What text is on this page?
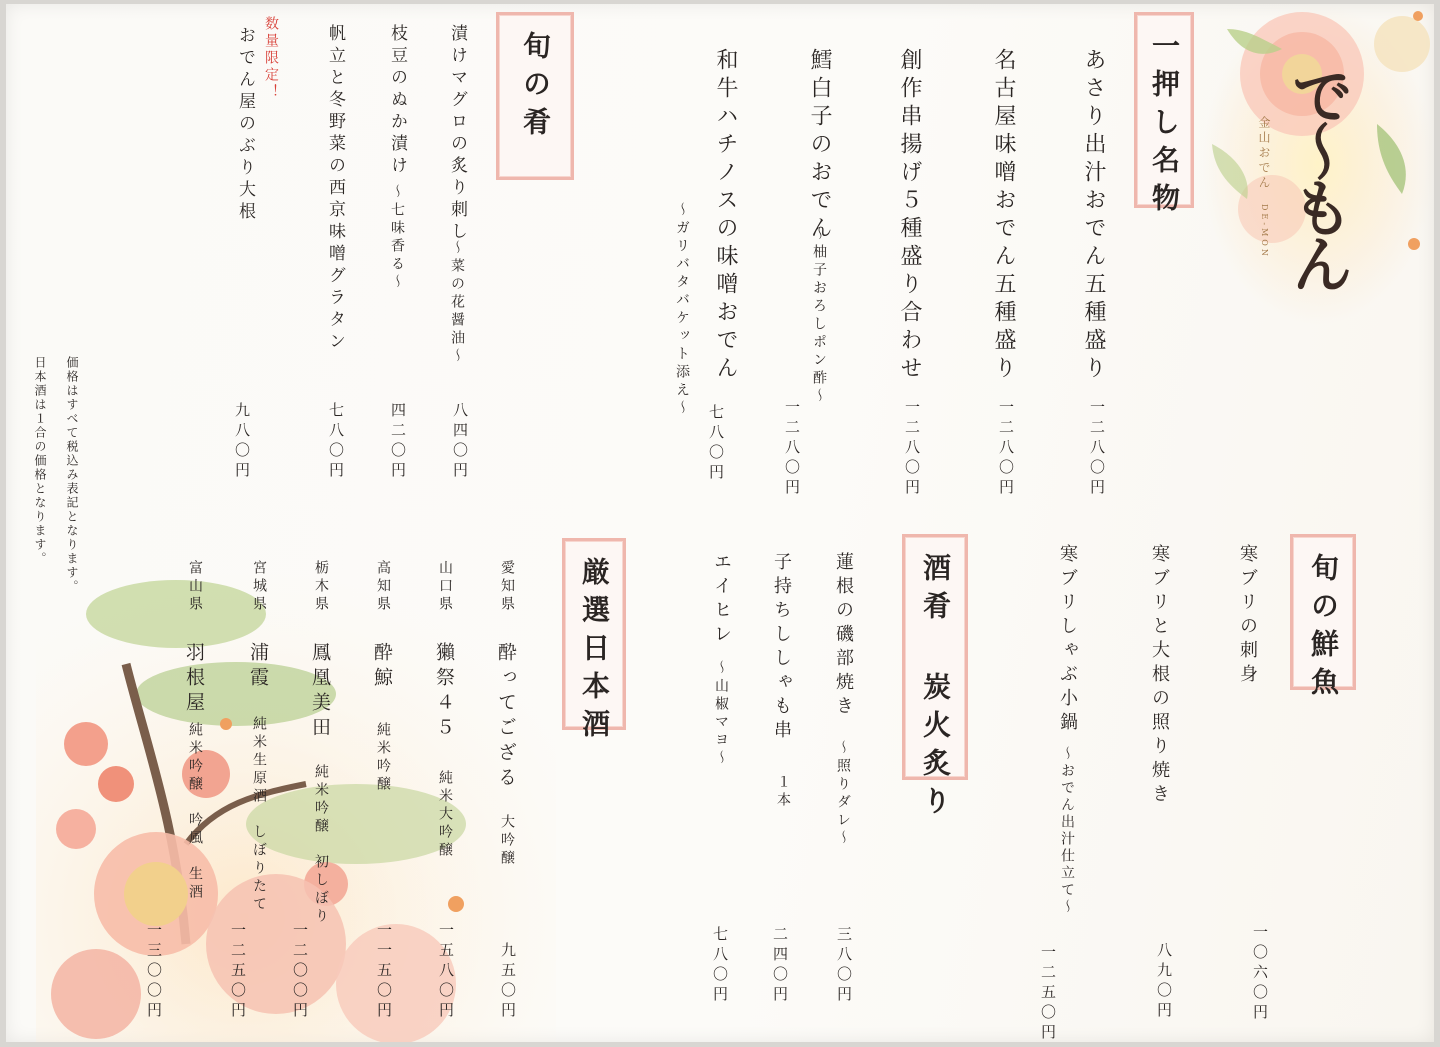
で～もん
金山おでん
DE-MON
一押し名物
あさり出汁おでん五種盛り
一二八〇円
名古屋味噌おでん五種盛り
一二八〇円
創作串揚げ５種盛り合わせ
一二八〇円
鱈白子のおでん
～柚子おろしポン酢～
一二八〇円
和牛ハチノスの味噌おでん
～ガリバタバケット添え～
七八〇円
旬の肴
漬けマグロの炙り刺し
～菜の花醤油～
八四〇円
枝豆のぬか漬け
～七味香る～
四二〇円
帆立と冬野菜の西京味噌グラタン
七八〇円
数量限定！
おでん屋のぶり大根
九八〇円
価格はすべて税込み表記となります。
日本酒は１合の価格となります。
旬の鮮魚
寒ブリの刺身
一〇六〇円
寒ブリと大根の照り焼き
八九〇円
寒ブリしゃぶ小鍋
～おでん出汁仕立て～
一二五〇円
酒肴 炭火炙り
蓮根の磯部焼き
～照りダレ～
三八〇円
子持ちししゃも串
１本
二四〇円
エイヒレ
～山椒マヨ～
七八〇円
厳選日本酒
愛知県
酔ってござる
大吟醸
九五〇円
山口県
獺祭４５
純米大吟醸
一五八〇円
高知県
酔鯨
純米吟醸
一一五〇円
栃木県
鳳凰美田
純米吟醸　初しぼり
一二〇〇円
宮城県
浦霞
純米生原酒　しぼりたて
一二五〇円
富山県
羽根屋
純米吟醸　吟風　生酒
一三〇〇円
